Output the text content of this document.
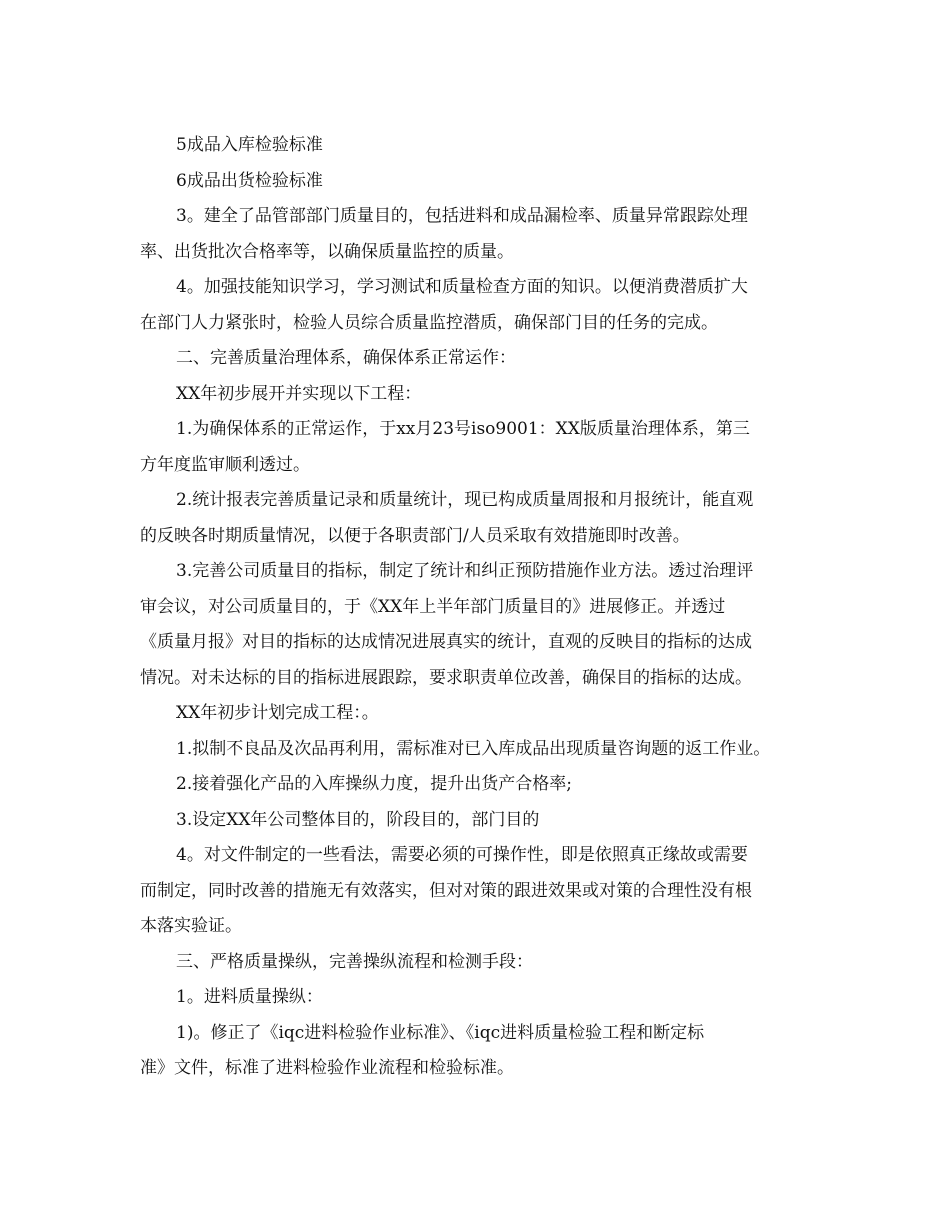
5成品入库检验标准

6成品出货检验标准

3。建全了品管部部门质量目的，包括进料和成品漏检率、质量异常跟踪处理

率、出货批次合格率等，以确保质量监控的质量。

4。加强技能知识学习，学习测试和质量检查方面的知识。以便消费潜质扩大

在部门人力紧张时，检验人员综合质量监控潜质，确保部门目的任务的完成。

二、完善质量治理体系，确保体系正常运作：

XX年初步展开并实现以下工程：

1.为确保体系的正常运作，于xx月23号iso9001：XX版质量治理体系，第三

方年度监审顺利透过。

2.统计报表完善质量记录和质量统计，现已构成质量周报和月报统计，能直观

的反映各时期质量情况，以便于各职责部门/人员采取有效措施即时改善。

3.完善公司质量目的指标，制定了统计和纠正预防措施作业方法。透过治理评

审会议，对公司质量目的，于《XX年上半年部门质量目的》进展修正。并透过

《质量月报》对目的指标的达成情况进展真实的统计，直观的反映目的指标的达成

情况。对未达标的目的指标进展跟踪，要求职责单位改善，确保目的指标的达成。

XX年初步计划完成工程：。

1.拟制不良品及次品再利用，需标准对已入库成品出现质量咨询题的返工作业。

2.接着强化产品的入库操纵力度，提升出货产合格率;

3.设定XX年公司整体目的，阶段目的，部门目的

4。对文件制定的一些看法，需要必须的可操作性，即是依照真正缘故或需要

而制定，同时改善的措施无有效落实，但对对策的跟进效果或对策的合理性没有根

本落实验证。

三、严格质量操纵，完善操纵流程和检测手段：

1。进料质量操纵：

1)。修正了《iqc进料检验作业标准》、《iqc进料质量检验工程和断定标

准》文件，标准了进料检验作业流程和检验标准。
